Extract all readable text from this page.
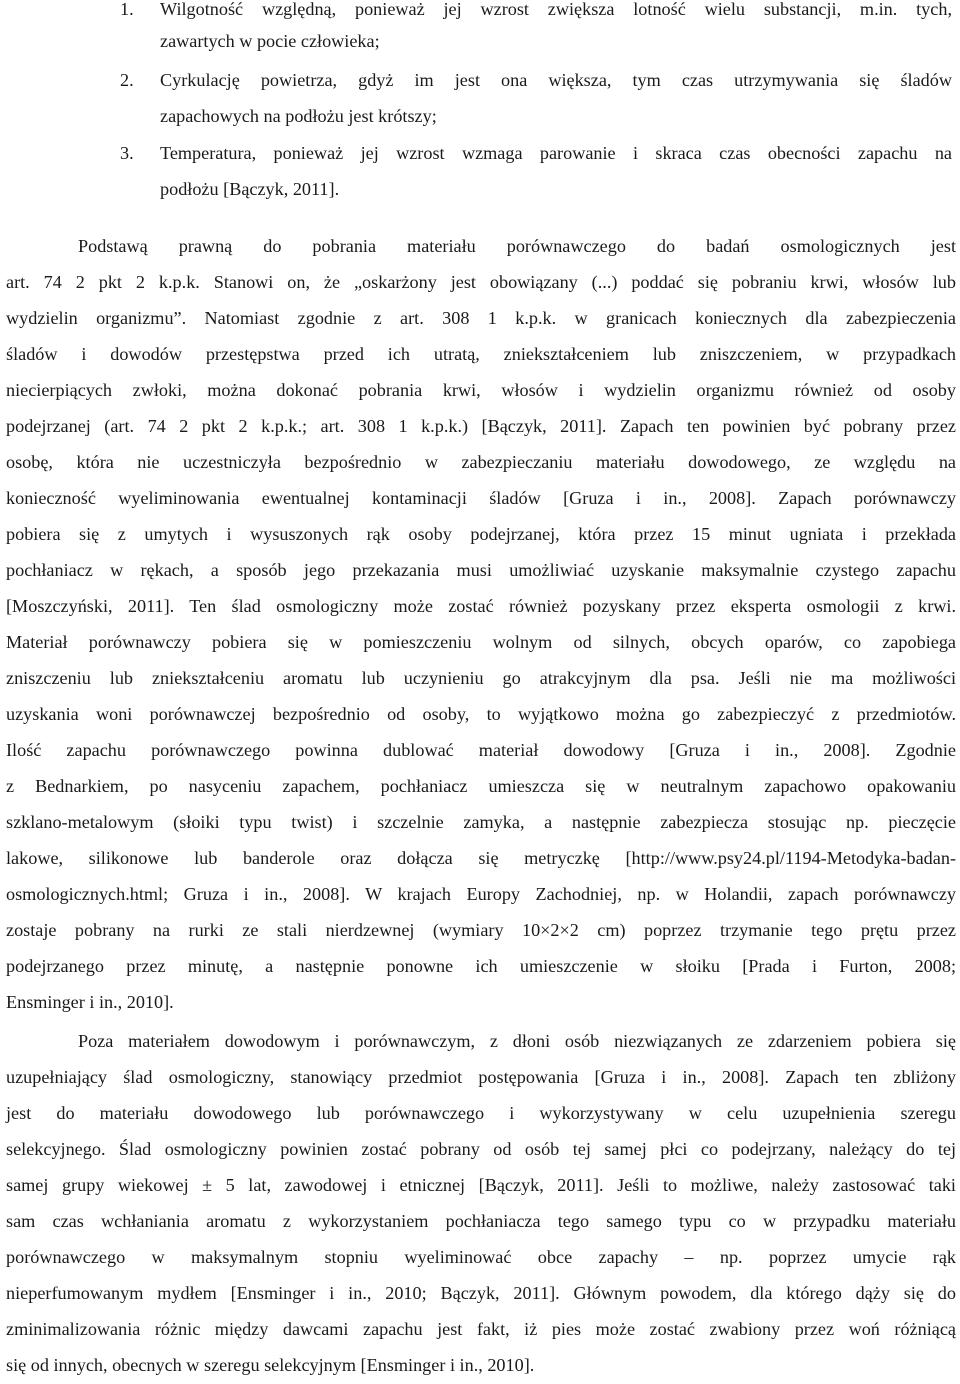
1.	Wilgotność względną, ponieważ jej wzrost zwiększa lotność wielu substancji, m.in. tych,
zawartych w pocie człowieka;
2.	Cyrkulację powietrza, gdyż im jest ona większa, tym czas utrzymywania się śladów
zapachowych na podłożu jest krótszy;
3.	Temperatura, ponieważ jej wzrost wzmaga parowanie i skraca czas obecności zapachu na
podłożu [Bączyk, 2011].
Podstawą prawną do pobrania materiału porównawczego do badań osmologicznych jest
art. 74 2 pkt 2 k.p.k. Stanowi on, że „oskarżony jest obowiązany (...) poddać się pobraniu krwi, włosów lub
wydzielin organizmu”. Natomiast zgodnie z art. 308 1 k.p.k. w granicach koniecznych dla zabezpieczenia
śladów i dowodów przestępstwa przed ich utratą, zniekształceniem lub zniszczeniem, w przypadkach
niecierpiących zwłoki, można dokonać pobrania krwi, włosów i wydzielin organizmu również od osoby
podejrzanej (art. 74 2 pkt 2 k.p.k.; art. 308 1 k.p.k.) [Bączyk, 2011]. Zapach ten powinien być pobrany przez
osobę, która nie uczestniczyła bezpośrednio w zabezpieczaniu materiału dowodowego, ze względu na
konieczność wyeliminowania ewentualnej kontaminacji śladów [Gruza i in., 2008]. Zapach porównawczy
pobiera się z umytych i wysuszonych rąk osoby podejrzanej, która przez 15 minut ugniata i przekłada
pochłaniacz w rękach, a sposób jego przekazania musi umożliwiać uzyskanie maksymalnie czystego zapachu
[Moszczyński, 2011]. Ten ślad osmologiczny może zostać również pozyskany przez eksperta osmologii z krwi.
Materiał porównawczy pobiera się w pomieszczeniu wolnym od silnych, obcych oparów, co zapobiega
zniszczeniu lub zniekształceniu aromatu lub uczynieniu go atrakcyjnym dla psa. Jeśli nie ma możliwości
uzyskania woni porównawczej bezpośrednio od osoby, to wyjątkowo można go zabezpieczyć z przedmiotów.
Ilość zapachu porównawczego powinna dublować materiał dowodowy [Gruza i in., 2008]. Zgodnie
z Bednarkiem, po nasyceniu zapachem, pochłaniacz umieszcza się w neutralnym zapachowo opakowaniu
szklano-metalowym (słoiki typu twist) i szczelnie zamyka, a następnie zabezpiecza stosując np. pieczęcie
lakowe, silikonowe lub banderole oraz dołącza się metryczkę [http://www.psy24.pl/1194-Metodyka-badan-
osmologicznych.html; Gruza i in., 2008]. W krajach Europy Zachodniej, np. w Holandii, zapach porównawczy
zostaje pobrany na rurki ze stali nierdzewnej (wymiary 10×2×2 cm) poprzez trzymanie tego prętu przez
podejrzanego przez minutę, a następnie ponowne ich umieszczenie w słoiku [Prada i Furton, 2008;
Ensminger i in., 2010].
Poza materiałem dowodowym i porównawczym, z dłoni osób niezwiązanych ze zdarzeniem pobiera się
uzupełniający ślad osmologiczny, stanowiący przedmiot postępowania [Gruza i in., 2008]. Zapach ten zbliżony
jest do materiału dowodowego lub porównawczego i wykorzystywany w celu uzupełnienia szeregu
selekcyjnego. Ślad osmologiczny powinien zostać pobrany od osób tej samej płci co podejrzany, należący do tej
samej grupy wiekowej ± 5 lat, zawodowej i etnicznej [Bączyk, 2011]. Jeśli to możliwe, należy zastosować taki
sam czas wchłaniania aromatu z wykorzystaniem pochłaniacza tego samego typu co w przypadku materiału
porównawczego w maksymalnym stopniu wyeliminować obce zapachy – np. poprzez umycie rąk
nieperfumowanym mydłem [Ensminger i in., 2010; Bączyk, 2011]. Głównym powodem, dla którego dąży się do
zminimalizowania różnic między dawcami zapachu jest fakt, iż pies może zostać zwabiony przez woń różniącą
się od innych, obecnych w szeregu selekcyjnym [Ensminger i in., 2010].
